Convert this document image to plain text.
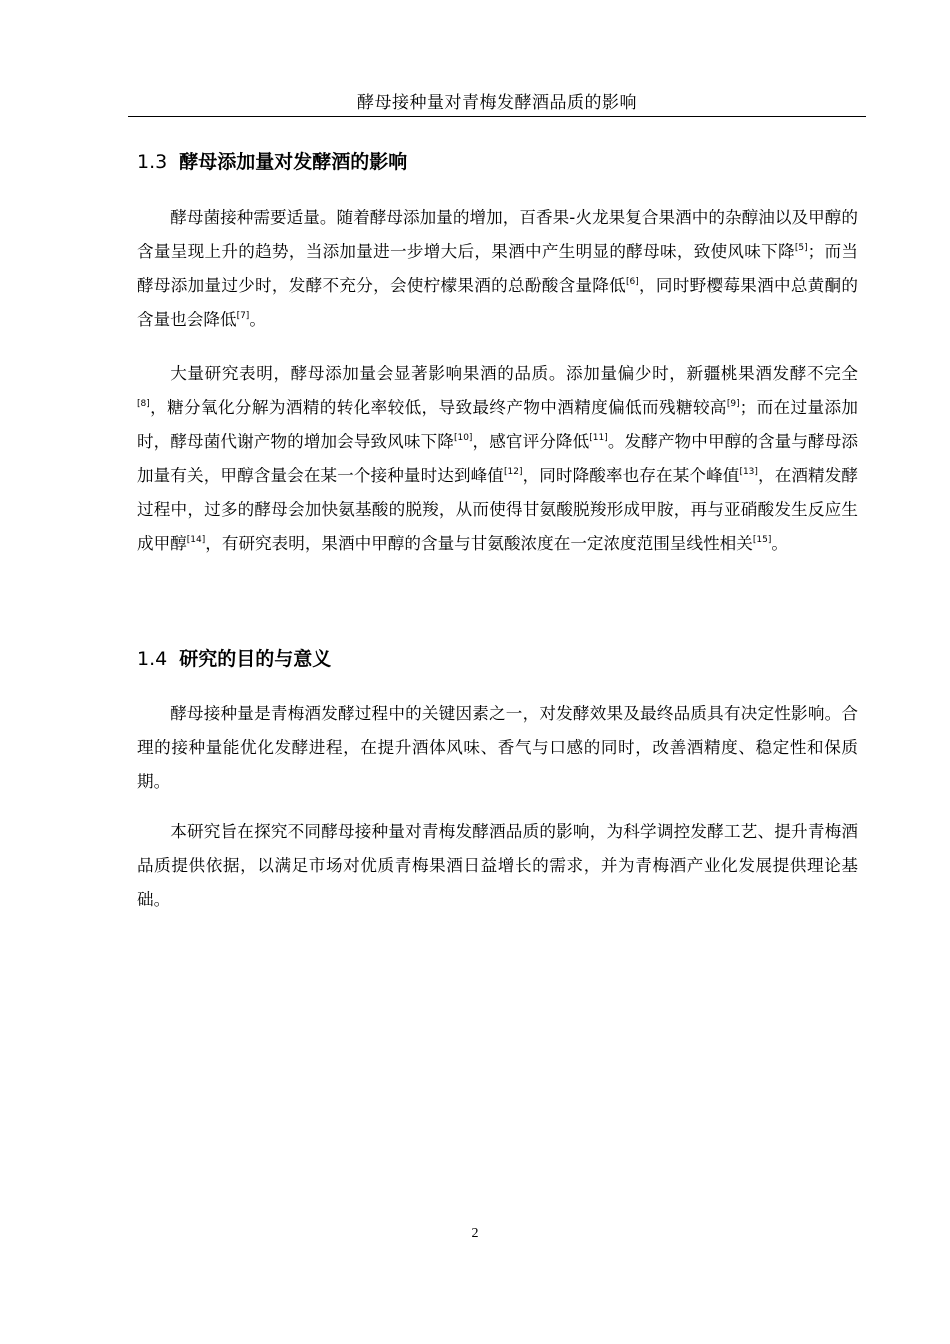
酵母接种量对青梅发酵酒品质的影响
1.3 酵母添加量对发酵酒的影响

酵母菌接种需要适量。随着酵母添加量的增加，百香果-火龙果复合果酒中的杂醇油以及甲醇的含量呈现上升的趋势，当添加量进一步增大后，果酒中产生明显的酵母味，致使风味下降[5]；而当酵母添加量过少时，发酵不充分，会使柠檬果酒的总酚酸含量降低[6]，同时野樱莓果酒中总黄酮的含量也会降低[7]。

大量研究表明，酵母添加量会显著影响果酒的品质。添加量偏少时，新疆桃果酒发酵不完全[8]，糖分氧化分解为酒精的转化率较低，导致最终产物中酒精度偏低而残糖较高[9]；而在过量添加时，酵母菌代谢产物的增加会导致风味下降[10]，感官评分降低[11]。发酵产物中甲醇的含量与酵母添加量有关，甲醇含量会在某一个接种量时达到峰值[12]，同时降酸率也存在某个峰值[13]，在酒精发酵过程中，过多的酵母会加快氨基酸的脱羧，从而使得甘氨酸脱羧形成甲胺，再与亚硝酸发生反应生成甲醇[14]，有研究表明，果酒中甲醇的含量与甘氨酸浓度在一定浓度范围呈线性相关[15]。

1.4 研究的目的与意义

酵母接种量是青梅酒发酵过程中的关键因素之一，对发酵效果及最终品质具有决定性影响。合理的接种量能优化发酵进程，在提升酒体风味、香气与口感的同时，改善酒精度、稳定性和保质期。

本研究旨在探究不同酵母接种量对青梅发酵酒品质的影响，为科学调控发酵工艺、提升青梅酒品质提供依据，以满足市场对优质青梅果酒日益增长的需求，并为青梅酒产业化发展提供理论基础。

2
